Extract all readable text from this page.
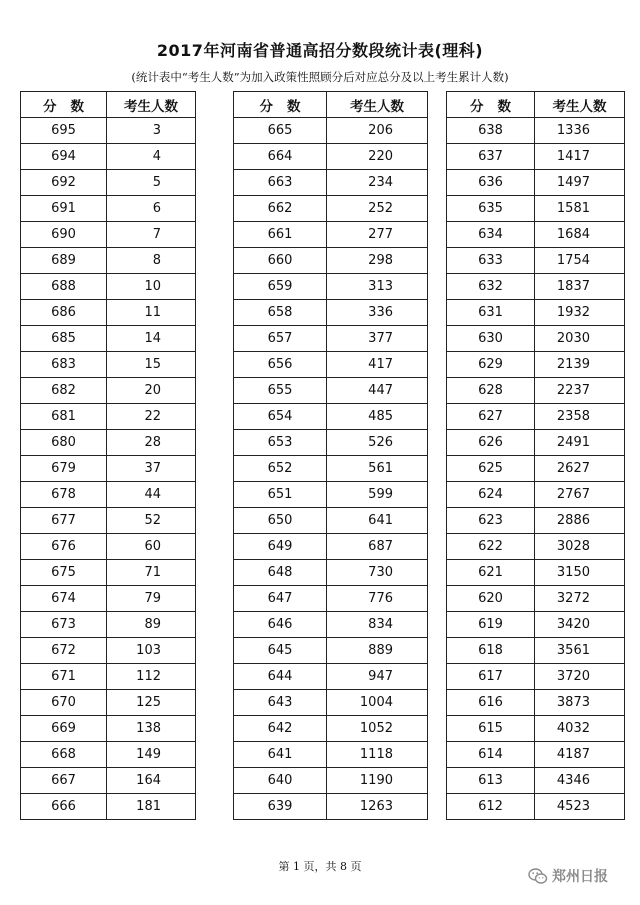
2017年河南省普通高招分数段统计表(理科)
(统计表中“考生人数”为加入政策性照顾分后对应总分及以上考生累计人数)
分数	考生人数
695	3
694	4
692	5
691	6
690	7
689	8
688	10
686	11
685	14
683	15
682	20
681	22
680	28
679	37
678	44
677	52
676	60
675	71
674	79
673	89
672	103
671	112
670	125
669	138
668	149
667	164
666	181
分数	考生人数
665	206
664	220
663	234
662	252
661	277
660	298
659	313
658	336
657	377
656	417
655	447
654	485
653	526
652	561
651	599
650	641
649	687
648	730
647	776
646	834
645	889
644	947
643	1004
642	1052
641	1118
640	1190
639	1263
分数	考生人数
638	1336
637	1417
636	1497
635	1581
634	1684
633	1754
632	1837
631	1932
630	2030
629	2139
628	2237
627	2358
626	2491
625	2627
624	2767
623	2886
622	3028
621	3150
620	3272
619	3420
618	3561
617	3720
616	3873
615	4032
614	4187
613	4346
612	4523
第 1 页，共 8 页
郑州日报
